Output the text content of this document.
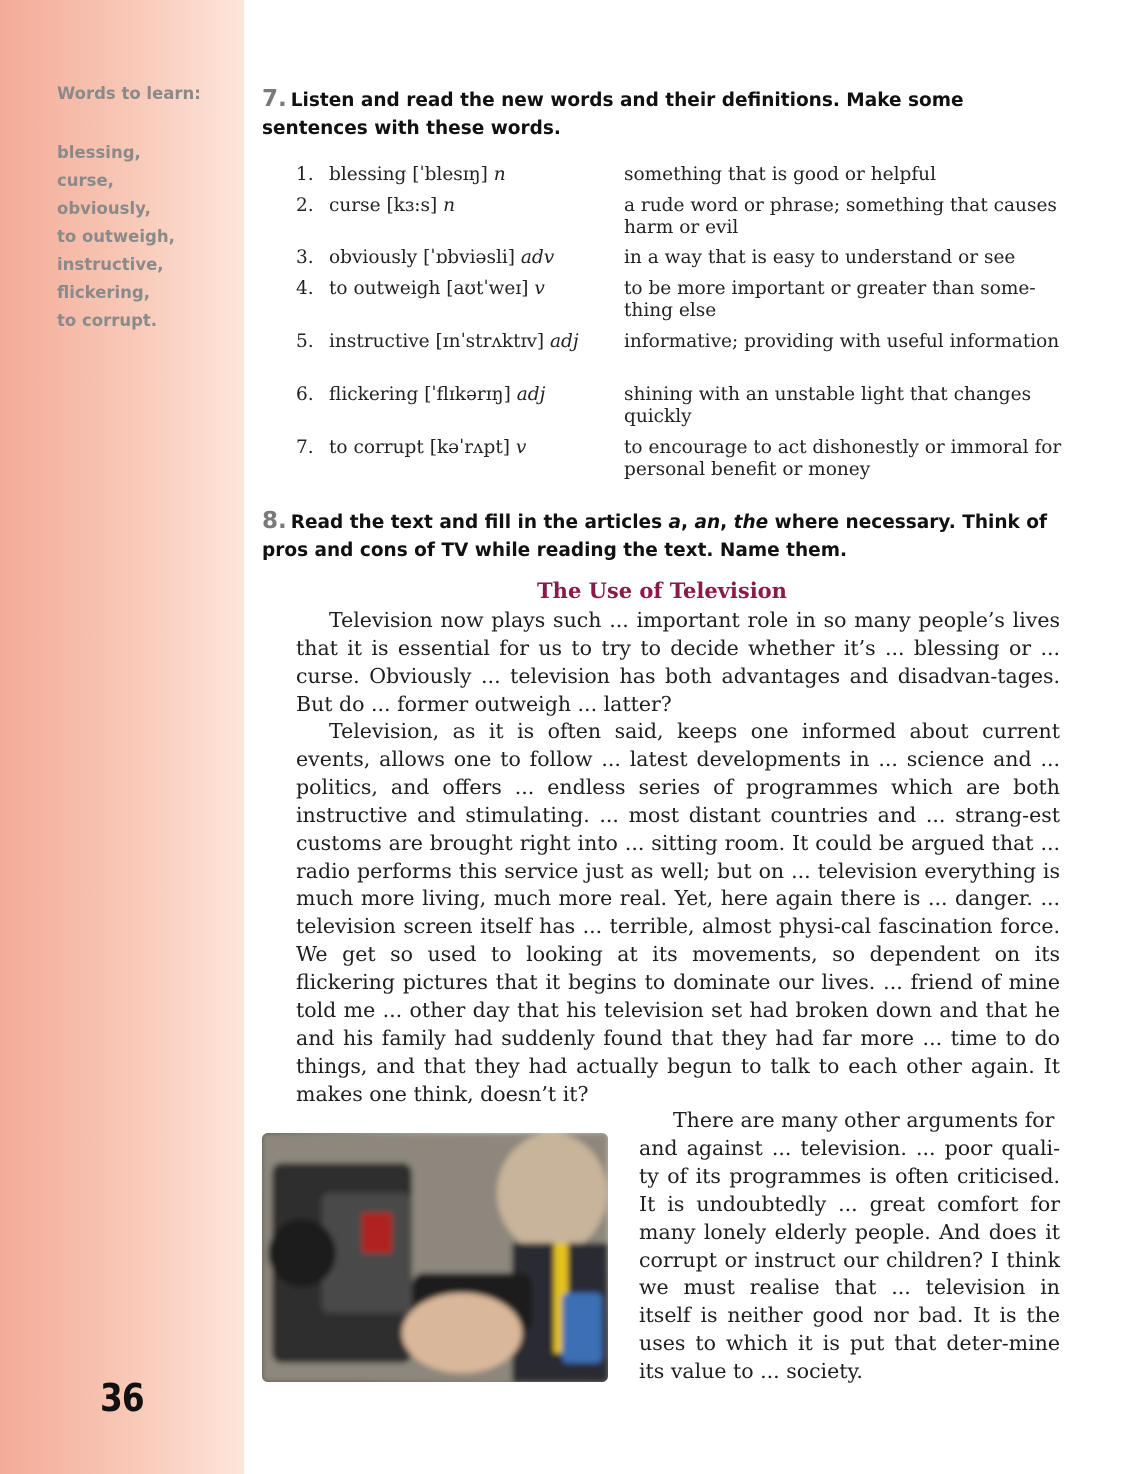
Words to learn:
blessing,
curse,
obviously,
to outweigh,
instructive,
flickering,
to corrupt.
36
7. Listen and read the new words and their definitions. Make some sentences with these words.
1. blessing [ˈblesɪŋ] n	something that is good or helpful
2. curse [kɜ:s] n	a rude word or phrase; something that causes harm or evil
3. obviously [ˈɒbviəsli] adv	in a way that is easy to understand or see
4. to outweigh [aʊtˈweɪ] v	to be more important or greater than some-thing else
5. instructive [ɪnˈstrʌktɪv] adj	informative; providing with useful information
6. flickering [ˈflɪkərɪŋ] adj	shining with an unstable light that changes quickly
7. to corrupt [kəˈrʌpt] v	to encourage to act dishonestly or immoral for personal benefit or money
8. Read the text and fill in the articles a, an, the where necessary. Think of pros and cons of TV while reading the text. Name them.
The Use of Television

Television now plays such ... important role in so many people’s lives that it is essential for us to try to decide whether it’s ... blessing or ... curse. Obviously ... television has both advantages and disadvan-tages. But do ... former outweigh ... latter?

Television, as it is often said, keeps one informed about current events, allows one to follow ... latest developments in ... science and ... politics, and offers ... endless series of programmes which are both instructive and stimulating. ... most distant countries and ... strang-est customs are brought right into ... sitting room. It could be argued that ... radio performs this service just as well; but on ... television everything is much more living, much more real. Yet, here again there is ... danger. ... television screen itself has ... terrible, almost physi-cal fascination force. We get so used to looking at its movements, so dependent on its flickering pictures that it begins to dominate our lives. ... friend of mine told me ... other day that his television set had broken down and that he and his family had suddenly found that they had far more ... time to do things, and that they had actually begun to talk to each other again. It makes one think, doesn’t it?

There are many other arguments for
and against ... television. ... poor quali-ty of its programmes is often criticised. It is undoubtedly ... great comfort for many lonely elderly people. And does it corrupt or instruct our children? I think we must realise that ... television in itself is neither good nor bad. It is the uses to which it is put that deter-mine its value to ... society.
